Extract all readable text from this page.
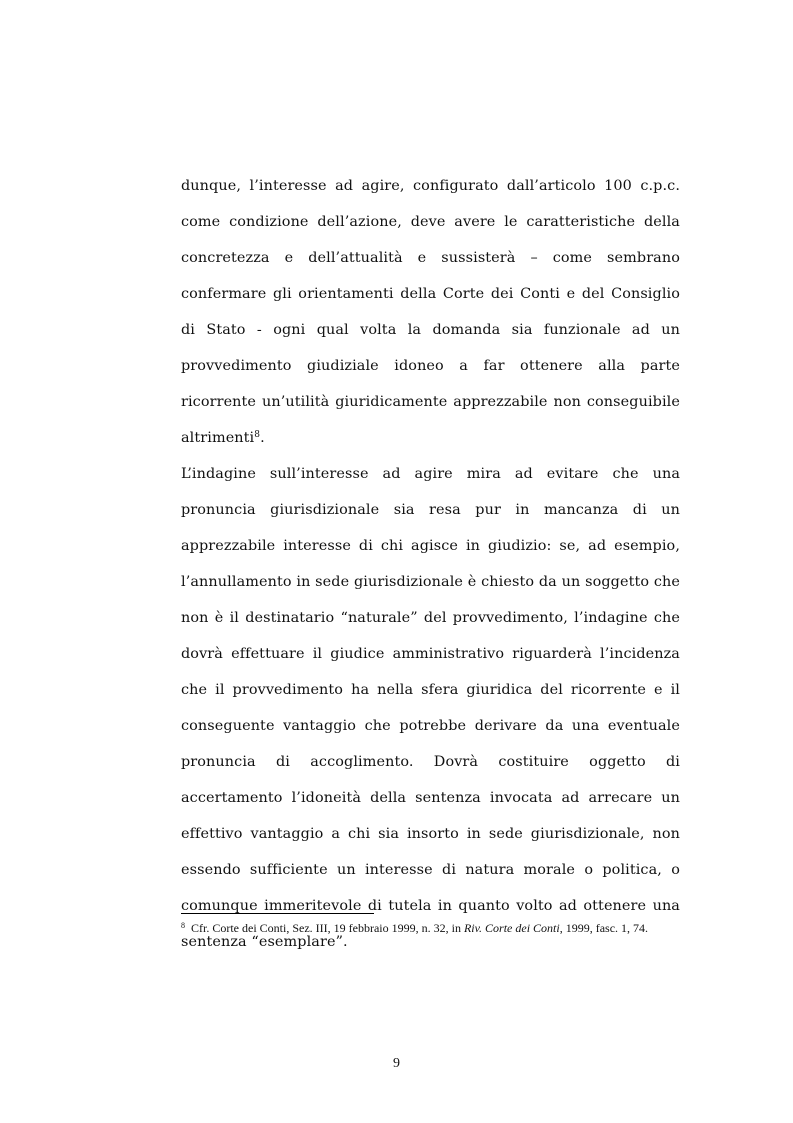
dunque, l’interesse ad agire, configurato dall’articolo 100 c.p.c. come condizione dell’azione, deve avere le caratteristiche della concretezza e dell’attualità e sussisterà – come sembrano confermare gli orientamenti della Corte dei Conti e del Consiglio di Stato - ogni qual volta la domanda sia funzionale ad un provvedimento giudiziale idoneo a far ottenere alla parte ricorrente un’utilità giuridicamente apprezzabile non conseguibile altrimenti$^8$.

L’indagine sull’interesse ad agire mira ad evitare che una pronuncia giurisdizionale sia resa pur in mancanza di un apprezzabile interesse di chi agisce in giudizio: se, ad esempio, l’annullamento in sede giurisdizionale è chiesto da un soggetto che non è il destinatario “naturale” del provvedimento, l’indagine che dovrà effettuare il giudice amministrativo riguarderà l’incidenza che il provvedimento ha nella sfera giuridica del ricorrente e il conseguente vantaggio che potrebbe derivare da una eventuale pronuncia di accoglimento. Dovrà costituire oggetto di accertamento l’idoneità della sentenza invocata ad arrecare un effettivo vantaggio a chi sia insorto in sede giurisdizionale, non essendo sufficiente un interesse di natura morale o politica, o comunque immeritevole di tutela in quanto volto ad ottenere una sentenza “esemplare”.

$^8$ Cfr. Corte dei Conti, Sez. III, 19 febbraio 1999, n. 32, in Riv. Corte dei Conti, 1999, fasc. 1, 74.
9
